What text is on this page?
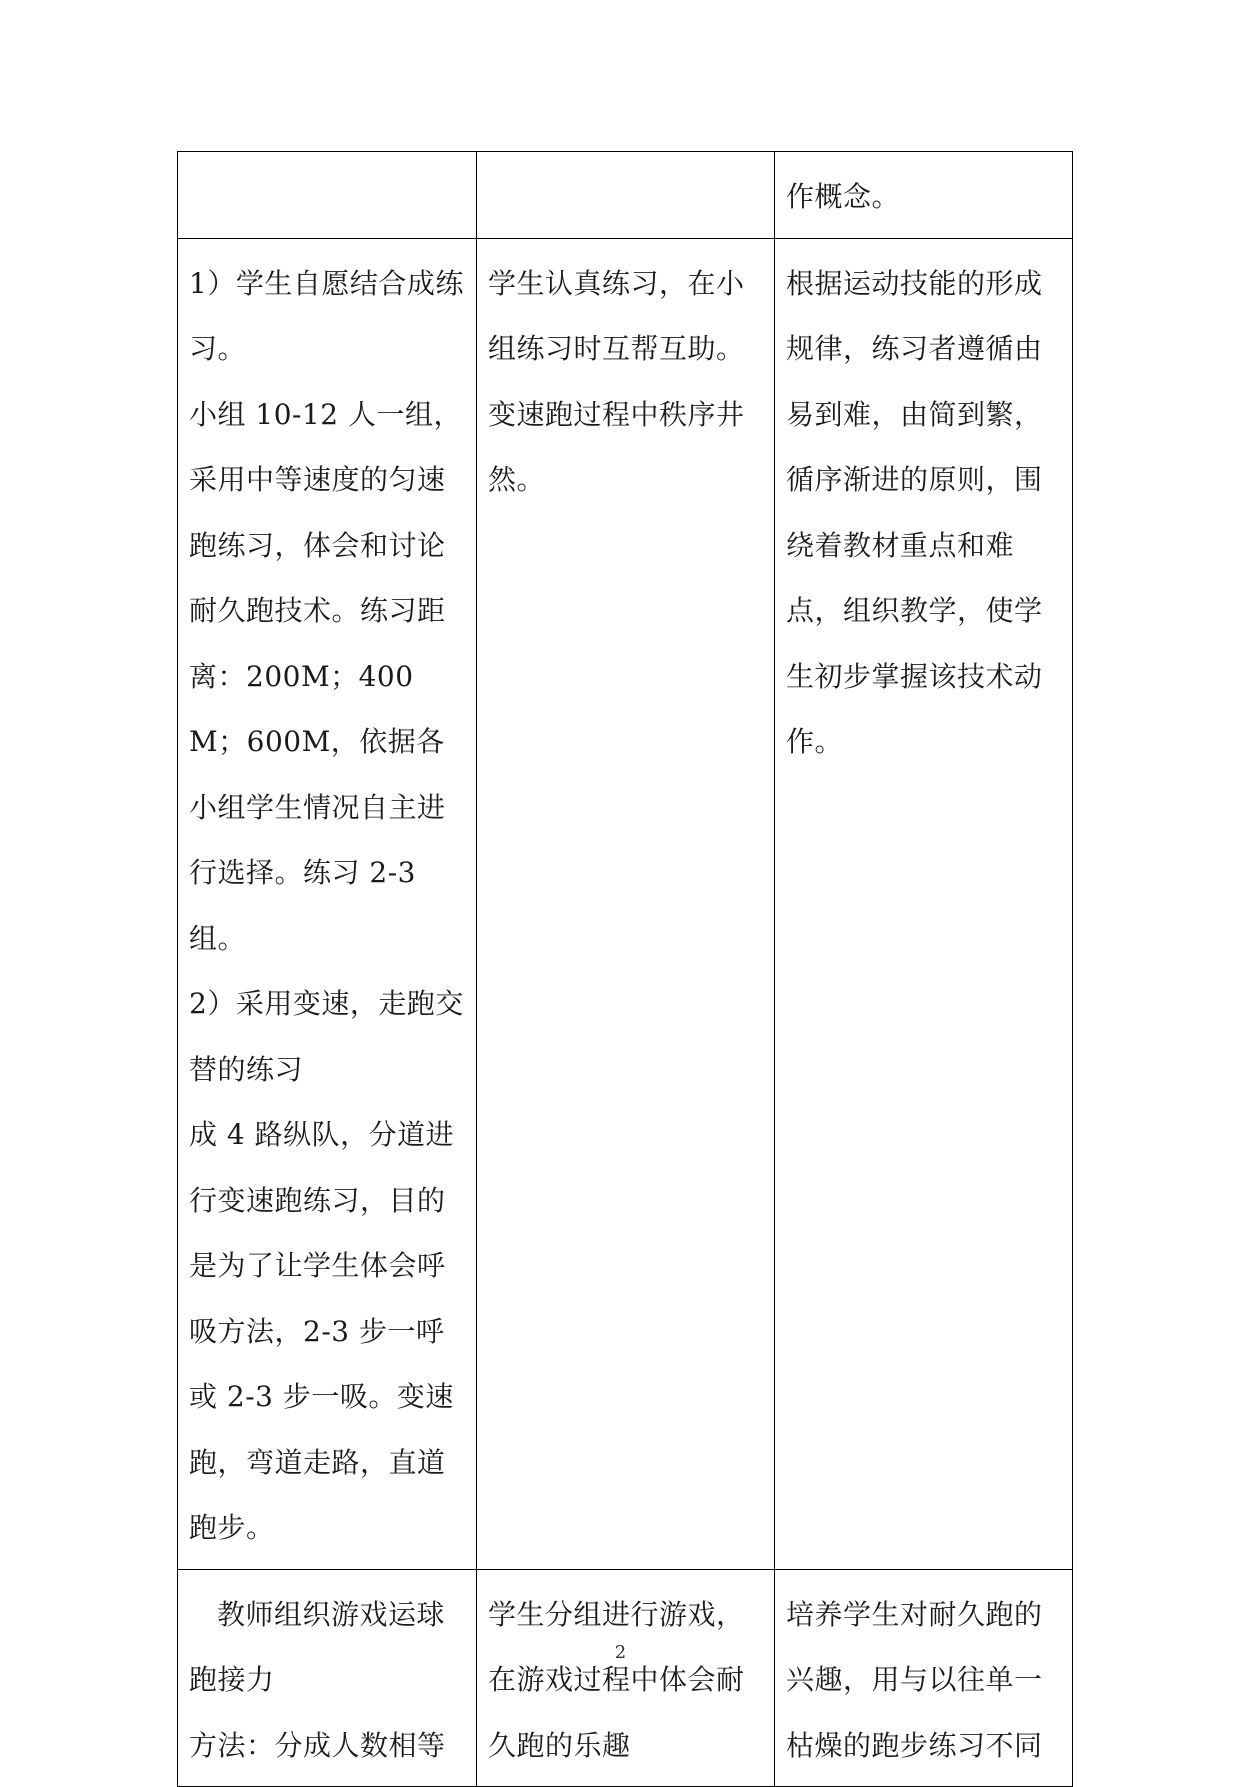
		作概念。

1）学生自愿结合成练习。
小组 10-12 人一组，采用中等速度的匀速跑练习，体会和讨论耐久跑技术。练习距离：200M；400M；600M，依据各小组学生情况自主进行选择。练习 2-3 组。
2）采用变速，走跑交替的练习
成 4 路纵队，分道进行变速跑练习，目的是为了让学生体会呼吸方法，2-3 步一呼或 2-3 步一吸。变速跑，弯道走路，直道跑步。	学生认真练习，在小组练习时互帮互助。变速跑过程中秩序井然。	根据运动技能的形成规律，练习者遵循由易到难，由简到繁，循序渐进的原则，围绕着教材重点和难点，组织教学，使学生初步掌握该技术动作。

教师组织游戏运球跑接力
方法：分成人数相等	学生分组进行游戏，在游戏过程中体会耐久跑的乐趣	培养学生对耐久跑的兴趣，用与以往单一枯燥的跑步练习不同
2
